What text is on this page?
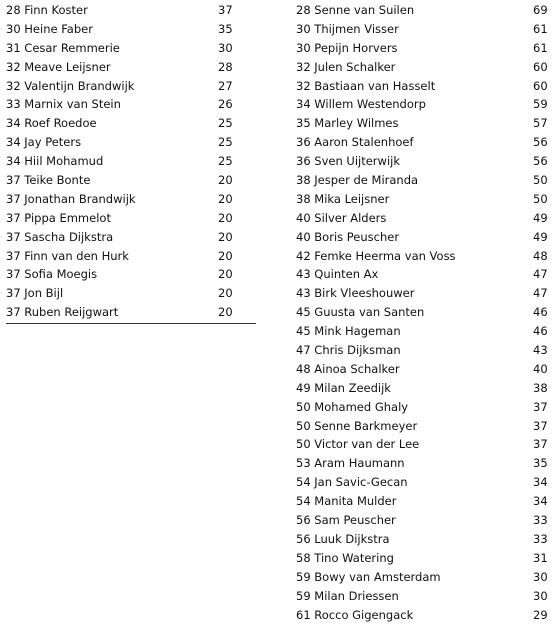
28 Finn Koster	37
30 Heine Faber	35
31 Cesar Remmerie	30
32 Meave Leijsner	28
32 Valentijn Brandwijk	27
33 Marnix van Stein	26
34 Roef Roedoe	25
34 Jay Peters	25
34 Hiil Mohamud	25
37 Teike Bonte	20
37 Jonathan Brandwijk	20
37 Pippa Emmelot	20
37 Sascha Dijkstra	20
37 Finn van den Hurk	20
37 Sofia Moegis	20
37 Jon Bijl	20
37 Ruben Reijgwart	20
28 Senne van Suilen	69
30 Thijmen Visser	61
30 Pepijn Horvers	61
32 Julen Schalker	60
32 Bastiaan van Hasselt	60
34 Willem Westendorp	59
35 Marley Wilmes	57
36 Aaron Stalenhoef	56
36 Sven Uijterwijk	56
38 Jesper de Miranda	50
38 Mika Leijsner	50
40 Silver Alders	49
40 Boris Peuscher	49
42 Femke Heerma van Voss	48
43 Quinten Ax	47
43 Birk Vleeshouwer	47
45 Guusta van Santen	46
45 Mink Hageman	46
47 Chris Dijksman	43
48 Ainoa Schalker	40
49 Milan Zeedijk	38
50 Mohamed Ghaly	37
50 Senne Barkmeyer	37
50 Victor van der Lee	37
53 Aram Haumann	35
54 Jan Savic-Gecan	34
54 Manita Mulder	34
56 Sam Peuscher	33
56 Luuk Dijkstra	33
58 Tino Watering	31
59 Bowy van Amsterdam	30
59 Milan Driessen	30
61 Rocco Gigengack	29
